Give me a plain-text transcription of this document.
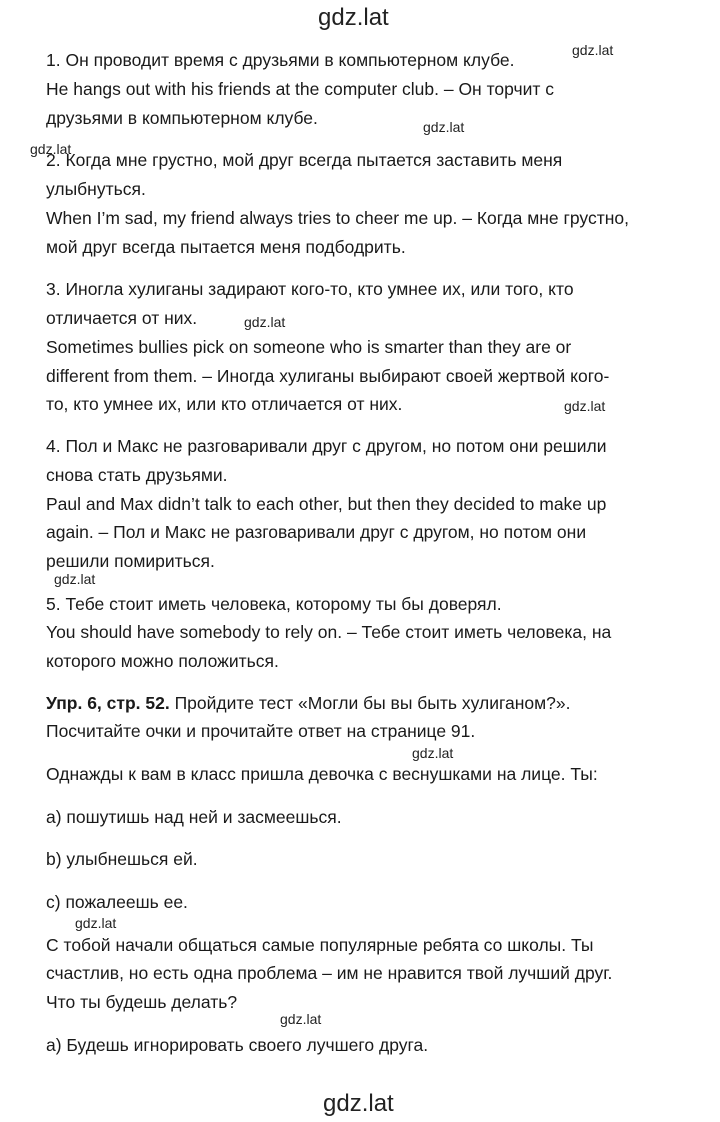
gdz.lat
gdz.lat
gdz.lat
gdz.lat
gdz.lat
gdz.lat
gdz.lat
gdz.lat
gdz.lat
gdz.lat
gdz.lat
1. Он проводит время с друзьями в компьютерном клубе.
He hangs out with his friends at the computer club. – Он торчит с
друзьями в компьютерном клубе.
2. Когда мне грустно, мой друг всегда пытается заставить меня
улыбнуться.
When I’m sad, my friend always tries to cheer me up. – Когда мне грустно,
мой друг всегда пытается меня подбодрить.
3. Иногла хулиганы задирают кого-то, кто умнее их, или того, кто
отличается от них.
Sometimes bullies pick on someone who is smarter than they are or
different from them. – Иногда хулиганы выбирают своей жертвой кого-
то, кто умнее их, или кто отличается от них.
4. Пол и Макс не разговаривали друг с другом, но потом они решили
снова стать друзьями.
Paul and Max didn’t talk to each other, but then they decided to make up
again. – Пол и Макс не разговаривали друг с другом, но потом они
решили помириться.
5. Тебе стоит иметь человека, которому ты бы доверял.
You should have somebody to rely on. – Тебе стоит иметь человека, на
которого можно положиться.
Упр. 6, стр. 52. Пройдите тест «Могли бы вы быть хулиганом?».
Посчитайте очки и прочитайте ответ на странице 91.
Однажды к вам в класс пришла девочка с веснушками на лице. Ты:
a) пошутишь над ней и засмеешься.
b) улыбнешься ей.
c) пожалеешь ее.
С тобой начали общаться самые популярные ребята со школы. Ты
счастлив, но есть одна проблема – им не нравится твой лучший друг.
Что ты будешь делать?
a) Будешь игнорировать своего лучшего друга.
